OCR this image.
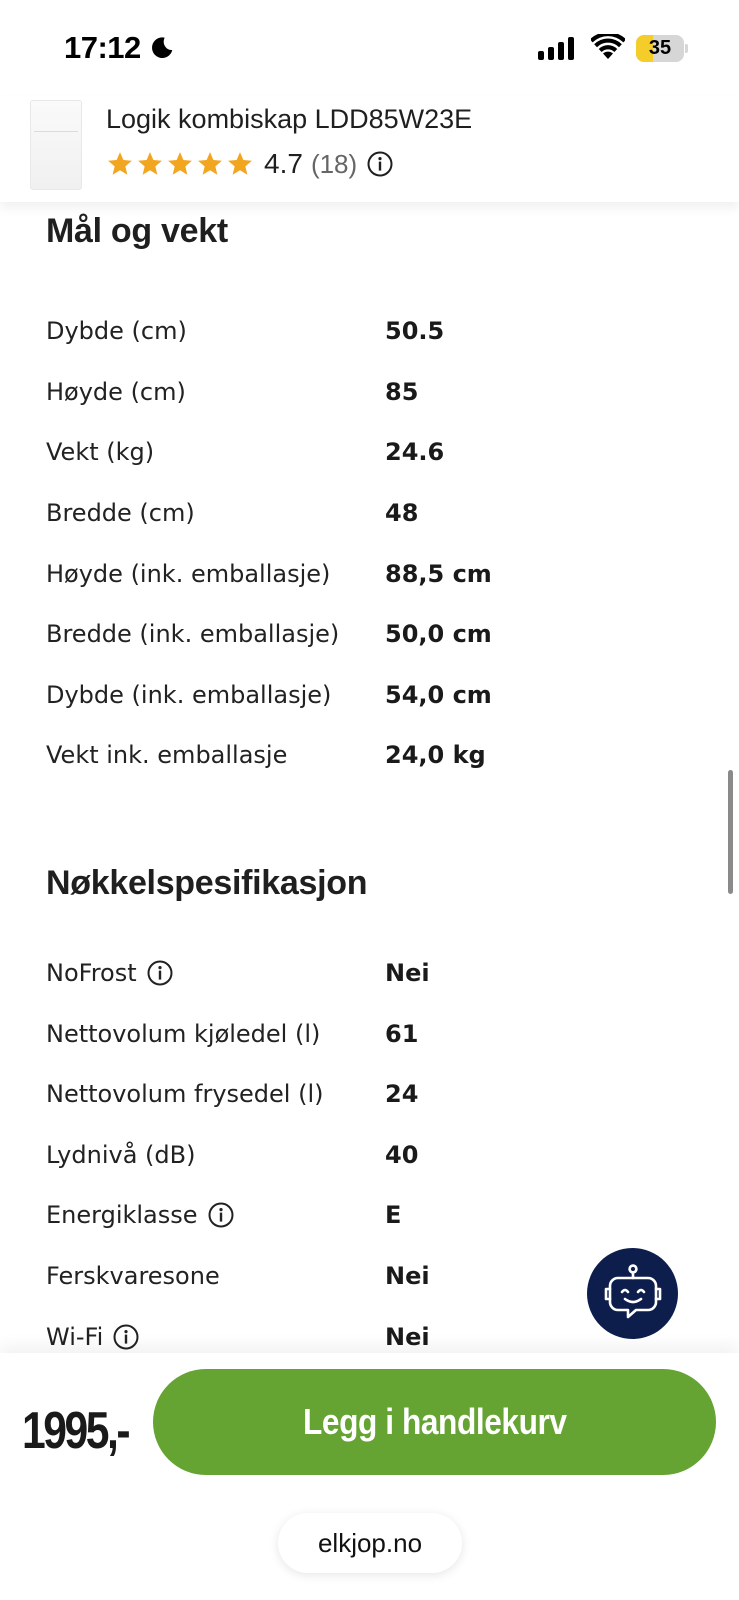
17:12	35
Logik kombiskap LDD85W23E
4.7 (18)
Mål og vekt
Dybde (cm)	50.5
Høyde (cm)	85
Vekt (kg)	24.6
Bredde (cm)	48
Høyde (ink. emballasje) 88,5 cm
Bredde (ink. emballasje) 50,0 cm
Dybde (ink. emballasje) 54,0 cm
Vekt ink. emballasje	24,0 kg
Nøkkelspesifikasjon
NoFrost	Nei
Nettovolum kjøledel (l)	61
Nettovolum frysedel (l)	24
Lydnivå (dB)	40
Energiklasse	E
Ferskvaresone	Nei
Wi-Fi	Nei
1995,-	Legg i handlekurv
elkjop.no
